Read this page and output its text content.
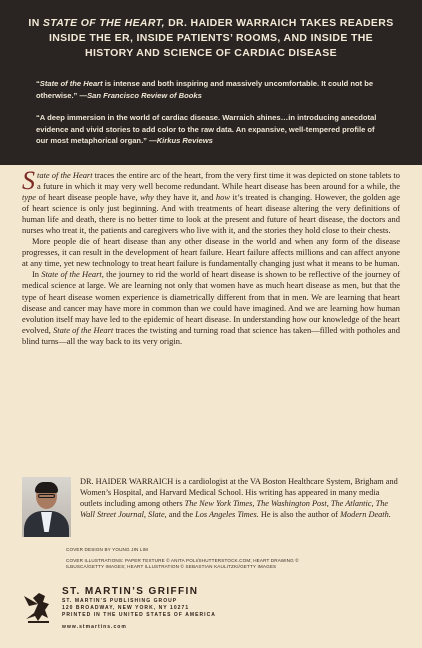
IN STATE OF THE HEART, DR. HAIDER WARRAICH TAKES READERS INSIDE THE ER, INSIDE PATIENTS’ ROOMS, AND INSIDE THE HISTORY AND SCIENCE OF CARDIAC DISEASE
“State of the Heart is intense and both inspiring and massively uncomfortable. It could not be otherwise.” —San Francisco Review of Books
“A deep immersion in the world of cardiac disease. Warraich shines…in introducing anecdotal evidence and vivid stories to add color to the raw data. An expansive, well-tempered profile of our most metaphorical organ.” —Kirkus Reviews

State of the Heart traces the entire arc of the heart, from the very first time it was depicted on stone tablets to a future in which it may very well become redundant. While heart disease has been around for a while, the type of heart disease people have, why they have it, and how it’s treated is changing. However, the golden age of heart science is only just beginning. And with treatments of heart disease altering the very definitions of human life and death, there is no better time to look at the present and future of heart disease, the doctors and nurses who treat it, the patients and caregivers who live with it, and the stories they hold close to their chests.

More people die of heart disease than any other disease in the world and when any form of the disease progresses, it can result in the development of heart failure. Heart failure affects millions and can affect anyone at any time, yet new technology to treat heart failure is fundamentally changing just what it means to be human.

In State of the Heart, the journey to rid the world of heart disease is shown to be reflective of the journey of medical science at large. We are learning not only that women have as much heart disease as men, but that the type of heart disease women experience is diametrically different from that in men. We are learning that heart disease and cancer may have more in common than we could have imagined. And we are learning how human evolution itself may have led to the epidemic of heart disease. In understanding how our knowledge of the heart evolved, State of the Heart traces the twisting and turning road that science has taken—filled with potholes and blind turns—all the way back to its very origin.

DR. HAIDER WARRAICH is a cardiologist at the VA Boston Healthcare System, Brigham and Women’s Hospital, and Harvard Medical School. His writing has appeared in many media outlets including among others The New York Times, The Washington Post, The Atlantic, The Wall Street Journal, Slate, and the Los Angeles Times. He is also the author of Modern Death.
COVER DESIGN BY YOUNG JIN LIM
COVER ILLUSTRATIONS: PAPER TEXTURE © ANITA POLI/SHUTTERSTOCK.COM; HEART DRAWING © ILBUSCA/GETTY IMAGES; HEART ILLUSTRATION © SEBASTIAN KAULITZKI/GETTY IMAGES
ST. MARTIN’S GRIFFIN
ST. MARTIN’S PUBLISHING GROUP
120 BROADWAY, NEW YORK, NY 10271
PRINTED IN THE UNITED STATES OF AMERICA
www.stmartins.com
